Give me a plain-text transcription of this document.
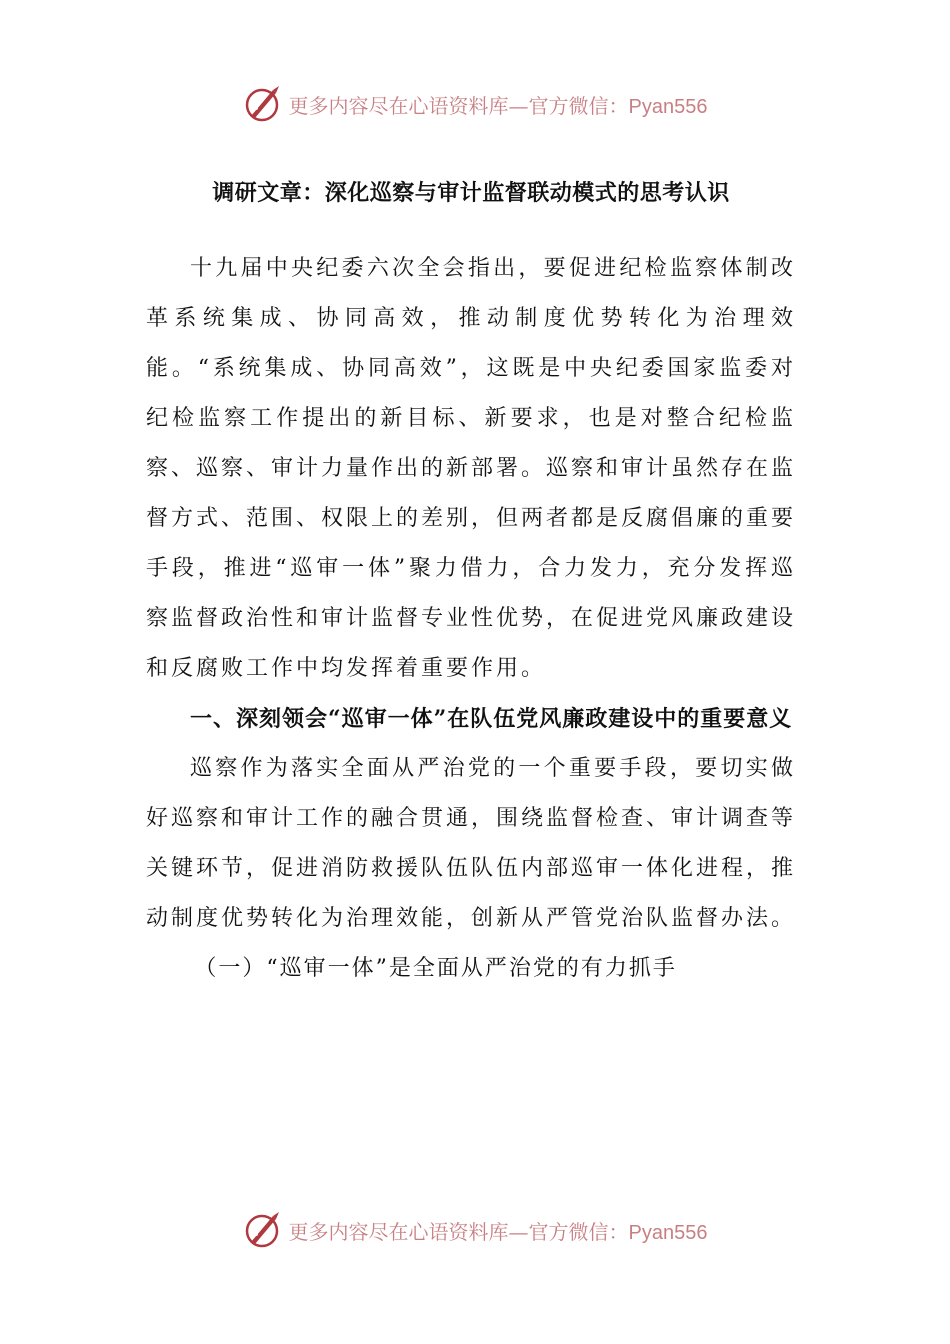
更多内容尽在心语资料库—官方微信：Pyan556
调研文章：深化巡察与审计监督联动模式的思考认识

十九届中央纪委六次全会指出，要促进纪检监察体制改革系统集成、协同高效，推动制度优势转化为治理效能。“系统集成、协同高效”，这既是中央纪委国家监委对纪检监察工作提出的新目标、新要求，也是对整合纪检监察、巡察、审计力量作出的新部署。巡察和审计虽然存在监督方式、范围、权限上的差别，但两者都是反腐倡廉的重要手段，推进“巡审一体”聚力借力，合力发力，充分发挥巡察监督政治性和审计监督专业性优势，在促进党风廉政建设和反腐败工作中均发挥着重要作用。

一、深刻领会“巡审一体”在队伍党风廉政建设中的重要意义

巡察作为落实全面从严治党的一个重要手段，要切实做好巡察和审计工作的融合贯通，围绕监督检查、审计调查等关键环节，促进消防救援队伍队伍内部巡审一体化进程，推动制度优势转化为治理效能，创新从严管党治队监督办法。

（一）“巡审一体”是全面从严治党的有力抓手

更多内容尽在心语资料库—官方微信：Pyan556
